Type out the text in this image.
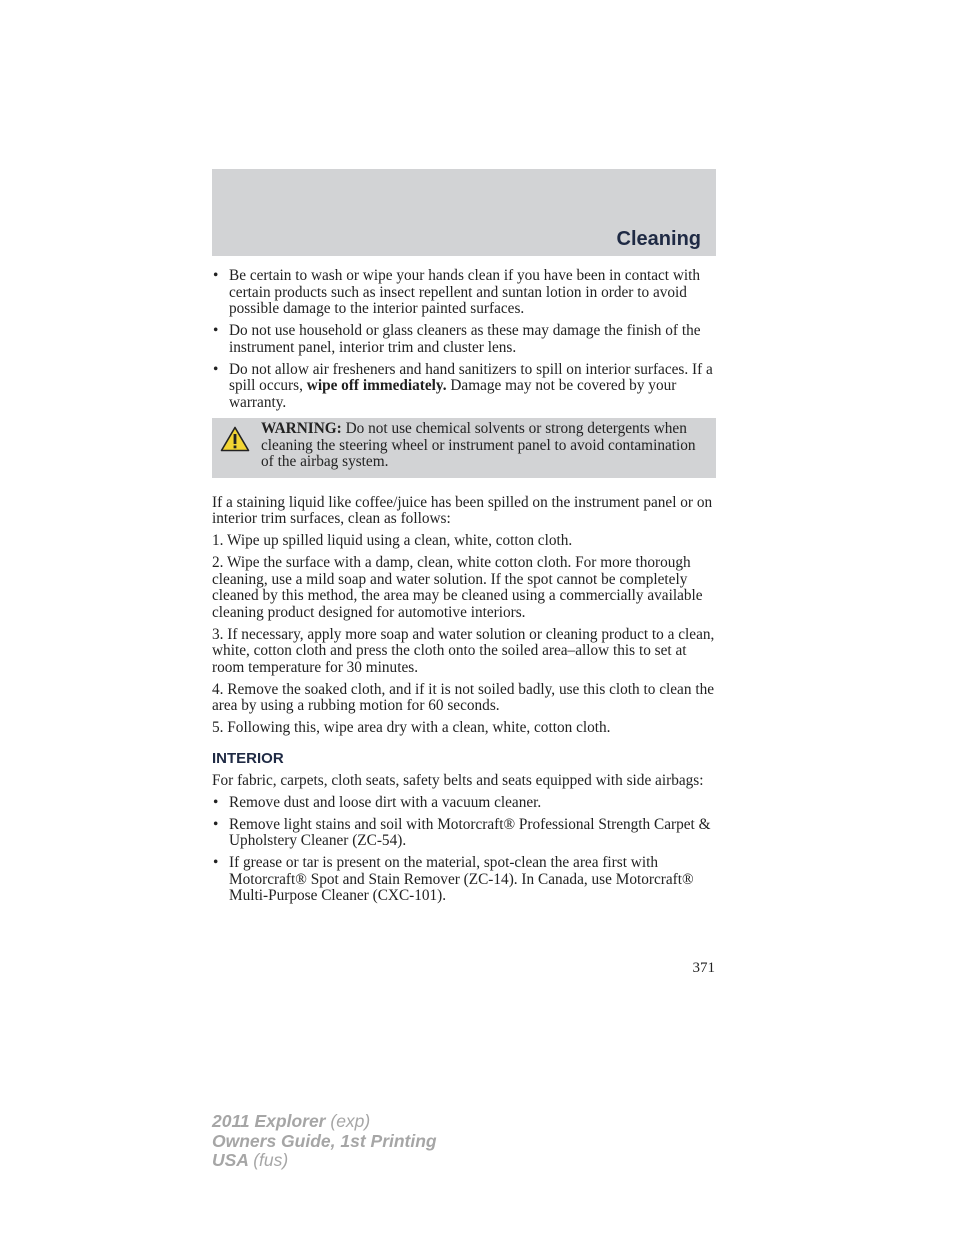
Cleaning
• Be certain to wash or wipe your hands clean if you have been in contact with certain products such as insect repellent and suntan lotion in order to avoid possible damage to the interior painted surfaces.
• Do not use household or glass cleaners as these may damage the finish of the instrument panel, interior trim and cluster lens.
• Do not allow air fresheners and hand sanitizers to spill on interior surfaces. If a spill occurs, wipe off immediately. Damage may not be covered by your warranty.
WARNING: Do not use chemical solvents or strong detergents when cleaning the steering wheel or instrument panel to avoid contamination of the airbag system.

If a staining liquid like coffee/juice has been spilled on the instrument panel or on interior trim surfaces, clean as follows:

1. Wipe up spilled liquid using a clean, white, cotton cloth.

2. Wipe the surface with a damp, clean, white cotton cloth. For more thorough cleaning, use a mild soap and water solution. If the spot cannot be completely cleaned by this method, the area may be cleaned using a commercially available cleaning product designed for automotive interiors.

3. If necessary, apply more soap and water solution or cleaning product to a clean, white, cotton cloth and press the cloth onto the soiled area–allow this to set at room temperature for 30 minutes.

4. Remove the soaked cloth, and if it is not soiled badly, use this cloth to clean the area by using a rubbing motion for 60 seconds.

5. Following this, wipe area dry with a clean, white, cotton cloth.

INTERIOR

For fabric, carpets, cloth seats, safety belts and seats equipped with side airbags:

• Remove dust and loose dirt with a vacuum cleaner.
• Remove light stains and soil with Motorcraft® Professional Strength Carpet & Upholstery Cleaner (ZC-54).
• If grease or tar is present on the material, spot-clean the area first with Motorcraft® Spot and Stain Remover (ZC-14). In Canada, use Motorcraft® Multi-Purpose Cleaner (CXC-101).
371
2011 Explorer (exp)
Owners Guide, 1st Printing
USA (fus)
